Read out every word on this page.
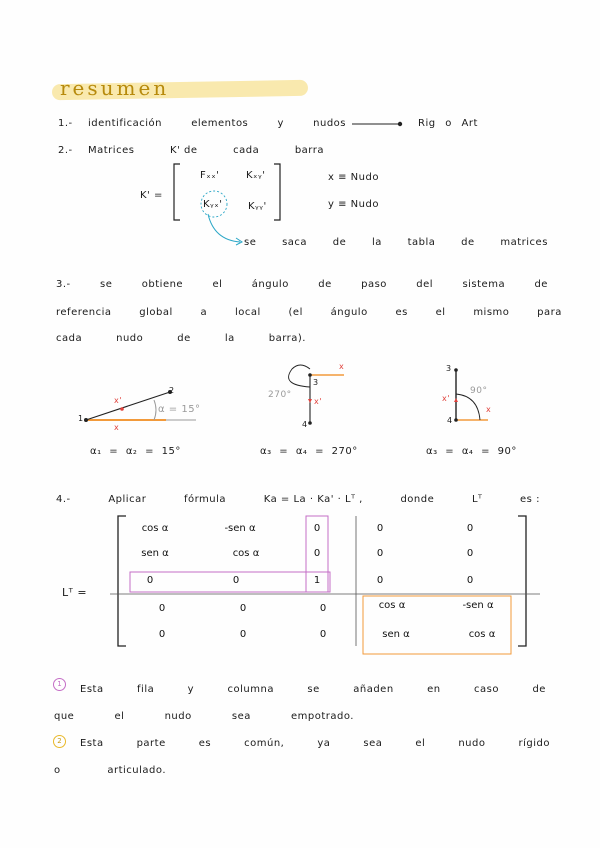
resumen
1.- identificación	elementos	y	nudos	Rig o Art
2.- Matrices	K' de	cada	barra
K' =
Fₓₓ'	Kₓᵧ'
Kᵧₓ'	Kᵧᵧ'
x ≡ Nudo
y ≡ Nudo
se	saca	de	la	tabla	de	matrices
3.-	se	obtiene	el	ángulo	de	paso	del	sistema	de
referencia	global	a	local	(el	ángulo	es	el	mismo	para
cada	nudo	de	la	barra).
1
2
x'
x
α = 15°
α₁ = α₂ = 15°
3
4
270°
x
x'
α₃ = α₄ = 270°
3
4
90°
x'
x
α₃ = α₄ = 90°
4.-	Aplicar	fórmula	Ka = La · Ka' · Lᵀ ,	donde	Lᵀ	es :
Lᵀ =
cos α	-sen α	0	0	0
sen α	cos α	0	0	0
0	0	1	0	0
0	0	0	cos α	-sen α
0	0	0	sen α	cos α
1	Esta	fila	y	columna	se	añaden	en	caso	de
que	el	nudo	sea	empotrado.
2	Esta	parte	es	común,	ya	sea	el	nudo	rígido
o	articulado.
